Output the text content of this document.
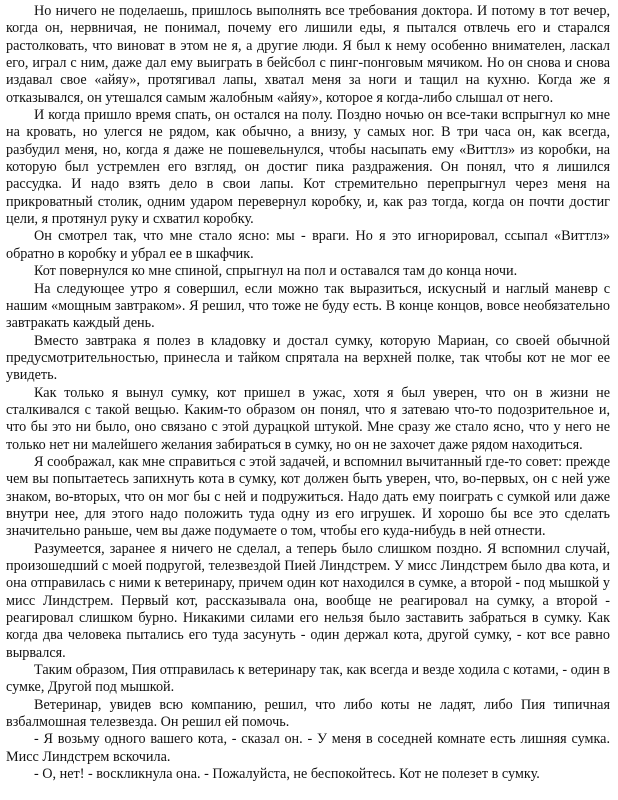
Но ничего не поделаешь, пришлось выполнять все требования доктора. И потому в тот вечер, когда он, нервничая, не понимал, почему его лишили еды, я пытался отвлечь его и старался растолковать, что виноват в этом не я, а другие люди. Я был к нему особенно внимателен, ласкал его, играл с ним, даже дал ему выиграть в бейсбол с пинг-понговым мячиком. Но он снова и снова издавал свое «айяу», протягивал лапы, хватал меня за ноги и тащил на кухню. Когда же я отказывался, он утешался самым жалобным «айяу», которое я когда-либо слышал от него.

И когда пришло время спать, он остался на полу. Поздно ночью он все-таки вспрыгнул ко мне на кровать, но улегся не рядом, как обычно, а внизу, у самых ног. В три часа он, как всегда, разбудил меня, но, когда я даже не пошевельнулся, чтобы насыпать ему «Виттлз» из коробки, на которую был устремлен его взгляд, он достиг пика раздражения. Он понял, что я лишился рассудка. И надо взять дело в свои лапы. Кот стремительно перепрыгнул через меня на прикроватный столик, одним ударом перевернул коробку, и, как раз тогда, когда он почти достиг цели, я протянул руку и схватил коробку.

Он смотрел так, что мне стало ясно: мы - враги. Но я это игнорировал, ссыпал «Виттлз» обратно в коробку и убрал ее в шкафчик.

Кот повернулся ко мне спиной, спрыгнул на пол и оставался там до конца ночи.

На следующее утро я совершил, если можно так выразиться, искусный и наглый маневр с нашим «мощным завтраком». Я решил, что тоже не буду есть. В конце концов, вовсе необязательно завтракать каждый день.

Вместо завтрака я полез в кладовку и достал сумку, которую Мариан, со своей обычной предусмотрительностью, принесла и тайком спрятала на верхней полке, так чтобы кот не мог ее увидеть.

Как только я вынул сумку, кот пришел в ужас, хотя я был уверен, что он в жизни не сталкивался с такой вещью. Каким-то образом он понял, что я затеваю что-то подозрительное и, что бы это ни было, оно связано с этой дурацкой штукой. Мне сразу же стало ясно, что у него не только нет ни малейшего желания забираться в сумку, но он не захочет даже рядом находиться.

Я соображал, как мне справиться с этой задачей, и вспомнил вычитанный где-то совет: прежде чем вы попытаетесь запихнуть кота в сумку, кот должен быть уверен, что, во-первых, он с ней уже знаком, во-вторых, что он мог бы с ней и подружиться. Надо дать ему поиграть с сумкой или даже внутри нее, для этого надо положить туда одну из его игрушек. И хорошо бы все это сделать значительно раньше, чем вы даже подумаете о том, чтобы его куда-нибудь в ней отнести.

Разумеется, заранее я ничего не сделал, а теперь было слишком поздно. Я вспомнил случай, произошедший с моей подругой, телезвездой Пией Линдстрем. У мисс Линдстрем было два кота, и она отправилась с ними к ветеринару, причем один кот находился в сумке, а второй - под мышкой у мисс Линдстрем. Первый кот, рассказывала она, вообще не реагировал на сумку, а второй - реагировал слишком бурно. Никакими силами его нельзя было заставить забраться в сумку. Как когда два человека пытались его туда засунуть - один держал кота, другой сумку, - кот все равно вырвался.

Таким образом, Пия отправилась к ветеринару так, как всегда и везде ходила с котами, - один в сумке, Другой под мышкой.

Ветеринар, увидев всю компанию, решил, что либо коты не ладят, либо Пия типичная взбалмошная телезвезда. Он решил ей помочь.

- Я возьму одного вашего кота, - сказал он. - У меня в соседней комнате есть лишняя сумка. Мисс Линдстрем вскочила.

- О, нет! - воскликнула она. - Пожалуйста, не беспокойтесь. Кот не полезет в сумку.
